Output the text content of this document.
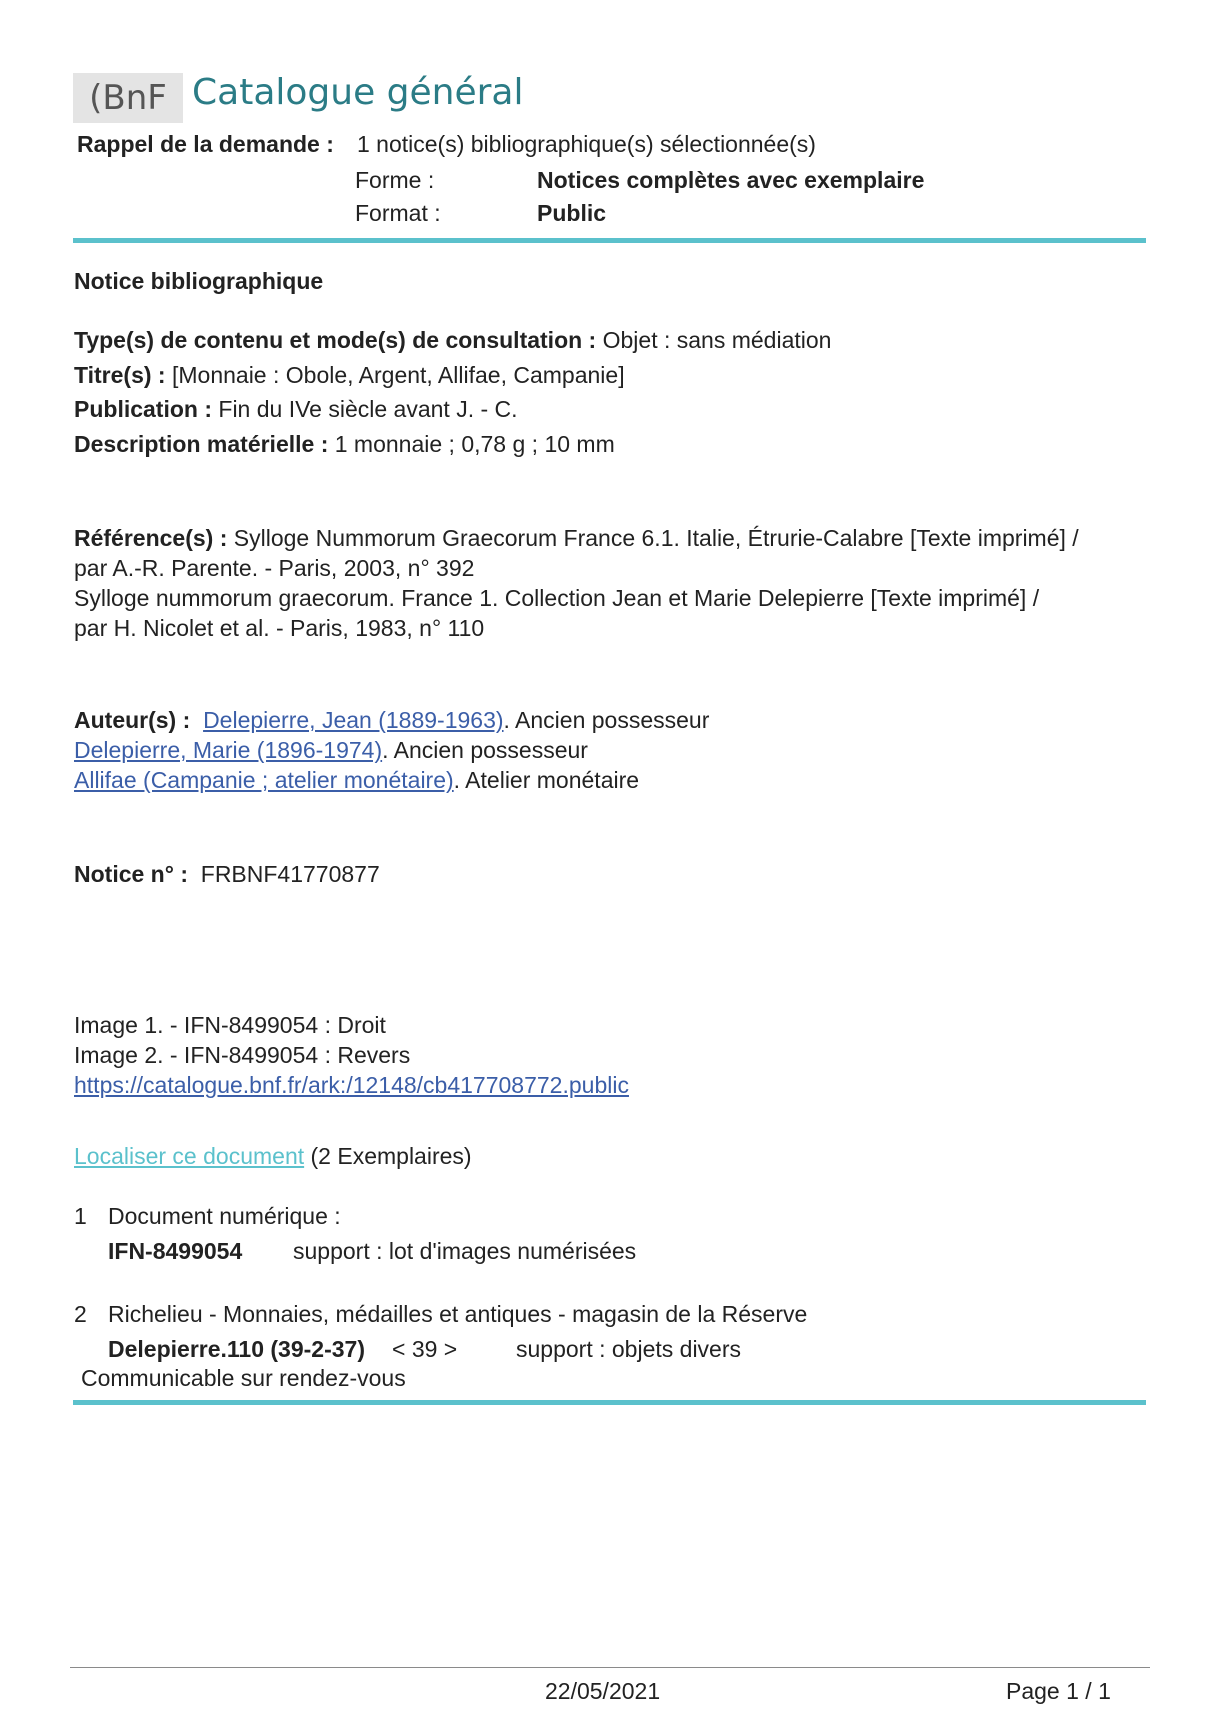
(BnF Catalogue général
Rappel de la demande : 1 notice(s) bibliographique(s) sélectionnée(s)
Forme :	Notices complètes avec exemplaire
Format :	Public
Notice bibliographique
Type(s) de contenu et mode(s) de consultation : Objet : sans médiation
Titre(s) : [Monnaie : Obole, Argent, Allifae, Campanie]
Publication : Fin du IVe siècle avant J. - C.
Description matérielle : 1 monnaie ; 0,78 g ; 10 mm
Référence(s) : Sylloge Nummorum Graecorum France 6.1. Italie, Étrurie-Calabre [Texte imprimé] /
par A.-R. Parente. - Paris, 2003, n° 392
Sylloge nummorum graecorum. France 1. Collection Jean et Marie Delepierre [Texte imprimé] /
par H. Nicolet et al. - Paris, 1983, n° 110
Auteur(s) : Delepierre, Jean (1889-1963). Ancien possesseur
Delepierre, Marie (1896-1974). Ancien possesseur
Allifae (Campanie ; atelier monétaire). Atelier monétaire
Notice n° : FRBNF41770877
Image 1. - IFN-8499054 : Droit
Image 2. - IFN-8499054 : Revers
https://catalogue.bnf.fr/ark:/12148/cb417708772.public
Localiser ce document (2 Exemplaires)
1 Document numérique :
IFN-8499054 support : lot d'images numérisées
2 Richelieu - Monnaies, médailles et antiques - magasin de la Réserve
Delepierre.110 (39-2-37) < 39 >	support : objets divers
Communicable sur rendez-vous
22/05/2021	Page 1 / 1
